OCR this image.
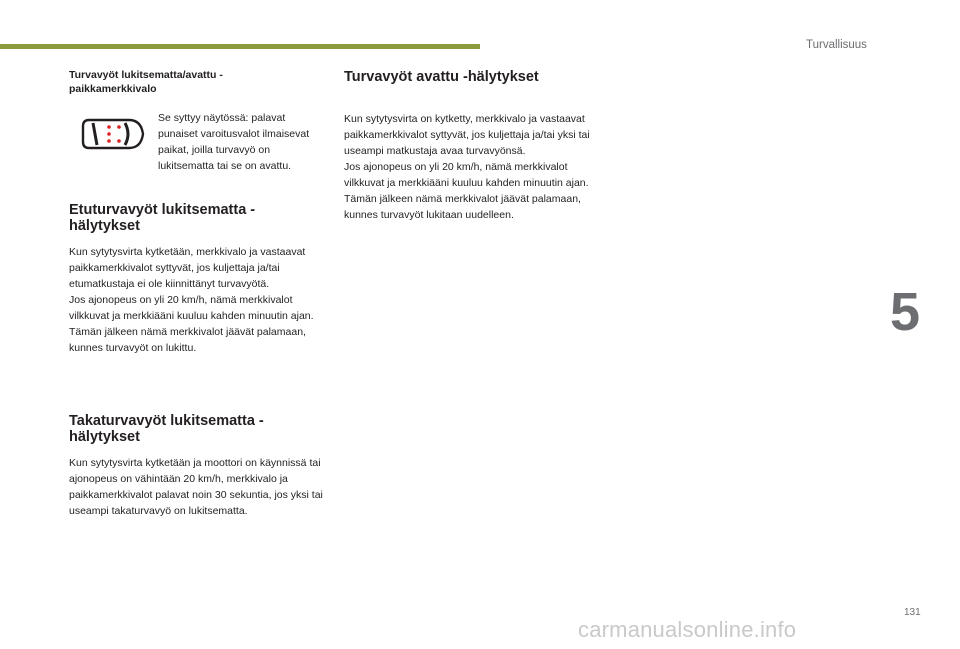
Turvallisuus
5
Turvavyöt lukitsematta/avattu -paikkamerkkivalo
Se syttyy näytössä: palavat punaiset varoitusvalot ilmaisevat paikat, joilla turvavyö on lukitsematta tai se on avattu.
Etuturvavyöt lukitsematta -hälytykset
Kun sytytysvirta kytketään, merkkivalo ja vastaavat paikkamerkkivalot syttyvät, jos kuljettaja ja/tai etumatkustaja ei ole kiinnittänyt turvavyötä.
Jos ajonopeus on yli 20 km/h, nämä merkkivalot vilkkuvat ja merkkiääni kuuluu kahden minuutin ajan. Tämän jälkeen nämä merkkivalot jäävät palamaan, kunnes turvavyöt on lukittu.
Takaturvavyöt lukitsematta -hälytykset
Kun sytytysvirta kytketään ja moottori on käynnissä tai ajonopeus on vähintään 20 km/h, merkkivalo ja paikkamerkkivalot palavat noin 30 sekuntia, jos yksi tai useampi takaturvavyö on lukitsematta.
Turvavyöt avattu -hälytykset
Kun sytytysvirta on kytketty, merkkivalo ja vastaavat paikkamerkkivalot syttyvät, jos kuljettaja ja/tai yksi tai useampi matkustaja avaa turvavyönsä.
Jos ajonopeus on yli 20 km/h, nämä merkkivalot vilkkuvat ja merkkiääni kuuluu kahden minuutin ajan. Tämän jälkeen nämä merkkivalot jäävät palamaan, kunnes turvavyöt lukitaan uudelleen.
131
carmanualsonline.info
